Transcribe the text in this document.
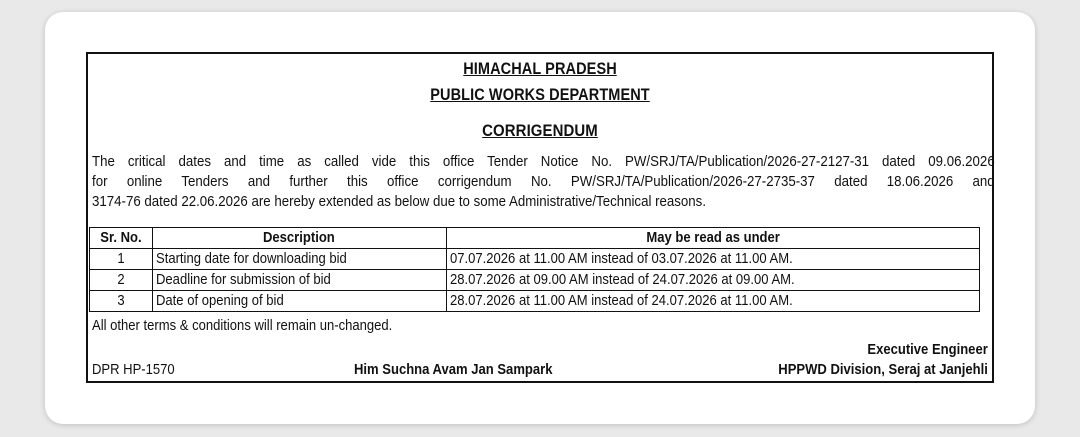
HIMACHAL PRADESH
PUBLIC WORKS DEPARTMENT
CORRIGENDUM
The critical dates and time as called vide this office Tender Notice No. PW/SRJ/TA/Publication/2026-27-2127-31 dated 09.06.2026
for online Tenders and further this office corrigendum No. PW/SRJ/TA/Publication/2026-27-2735-37 dated 18.06.2026 and
3174-76 dated 22.06.2026 are hereby extended as below due to some Administrative/Technical reasons.
Sr. No.	Description	May be read as under
1	Starting date for downloading bid	07.07.2026 at 11.00 AM instead of 03.07.2026 at 11.00 AM.
2	Deadline for submission of bid	28.07.2026 at 09.00 AM instead of 24.07.2026 at 09.00 AM.
3	Date of opening of bid	28.07.2026 at 11.00 AM instead of 24.07.2026 at 11.00 AM.
All other terms & conditions will remain un-changed.
Executive Engineer
DPR HP-1570	Him Suchna Avam Jan Sampark	HPPWD Division, Seraj at Janjehli
